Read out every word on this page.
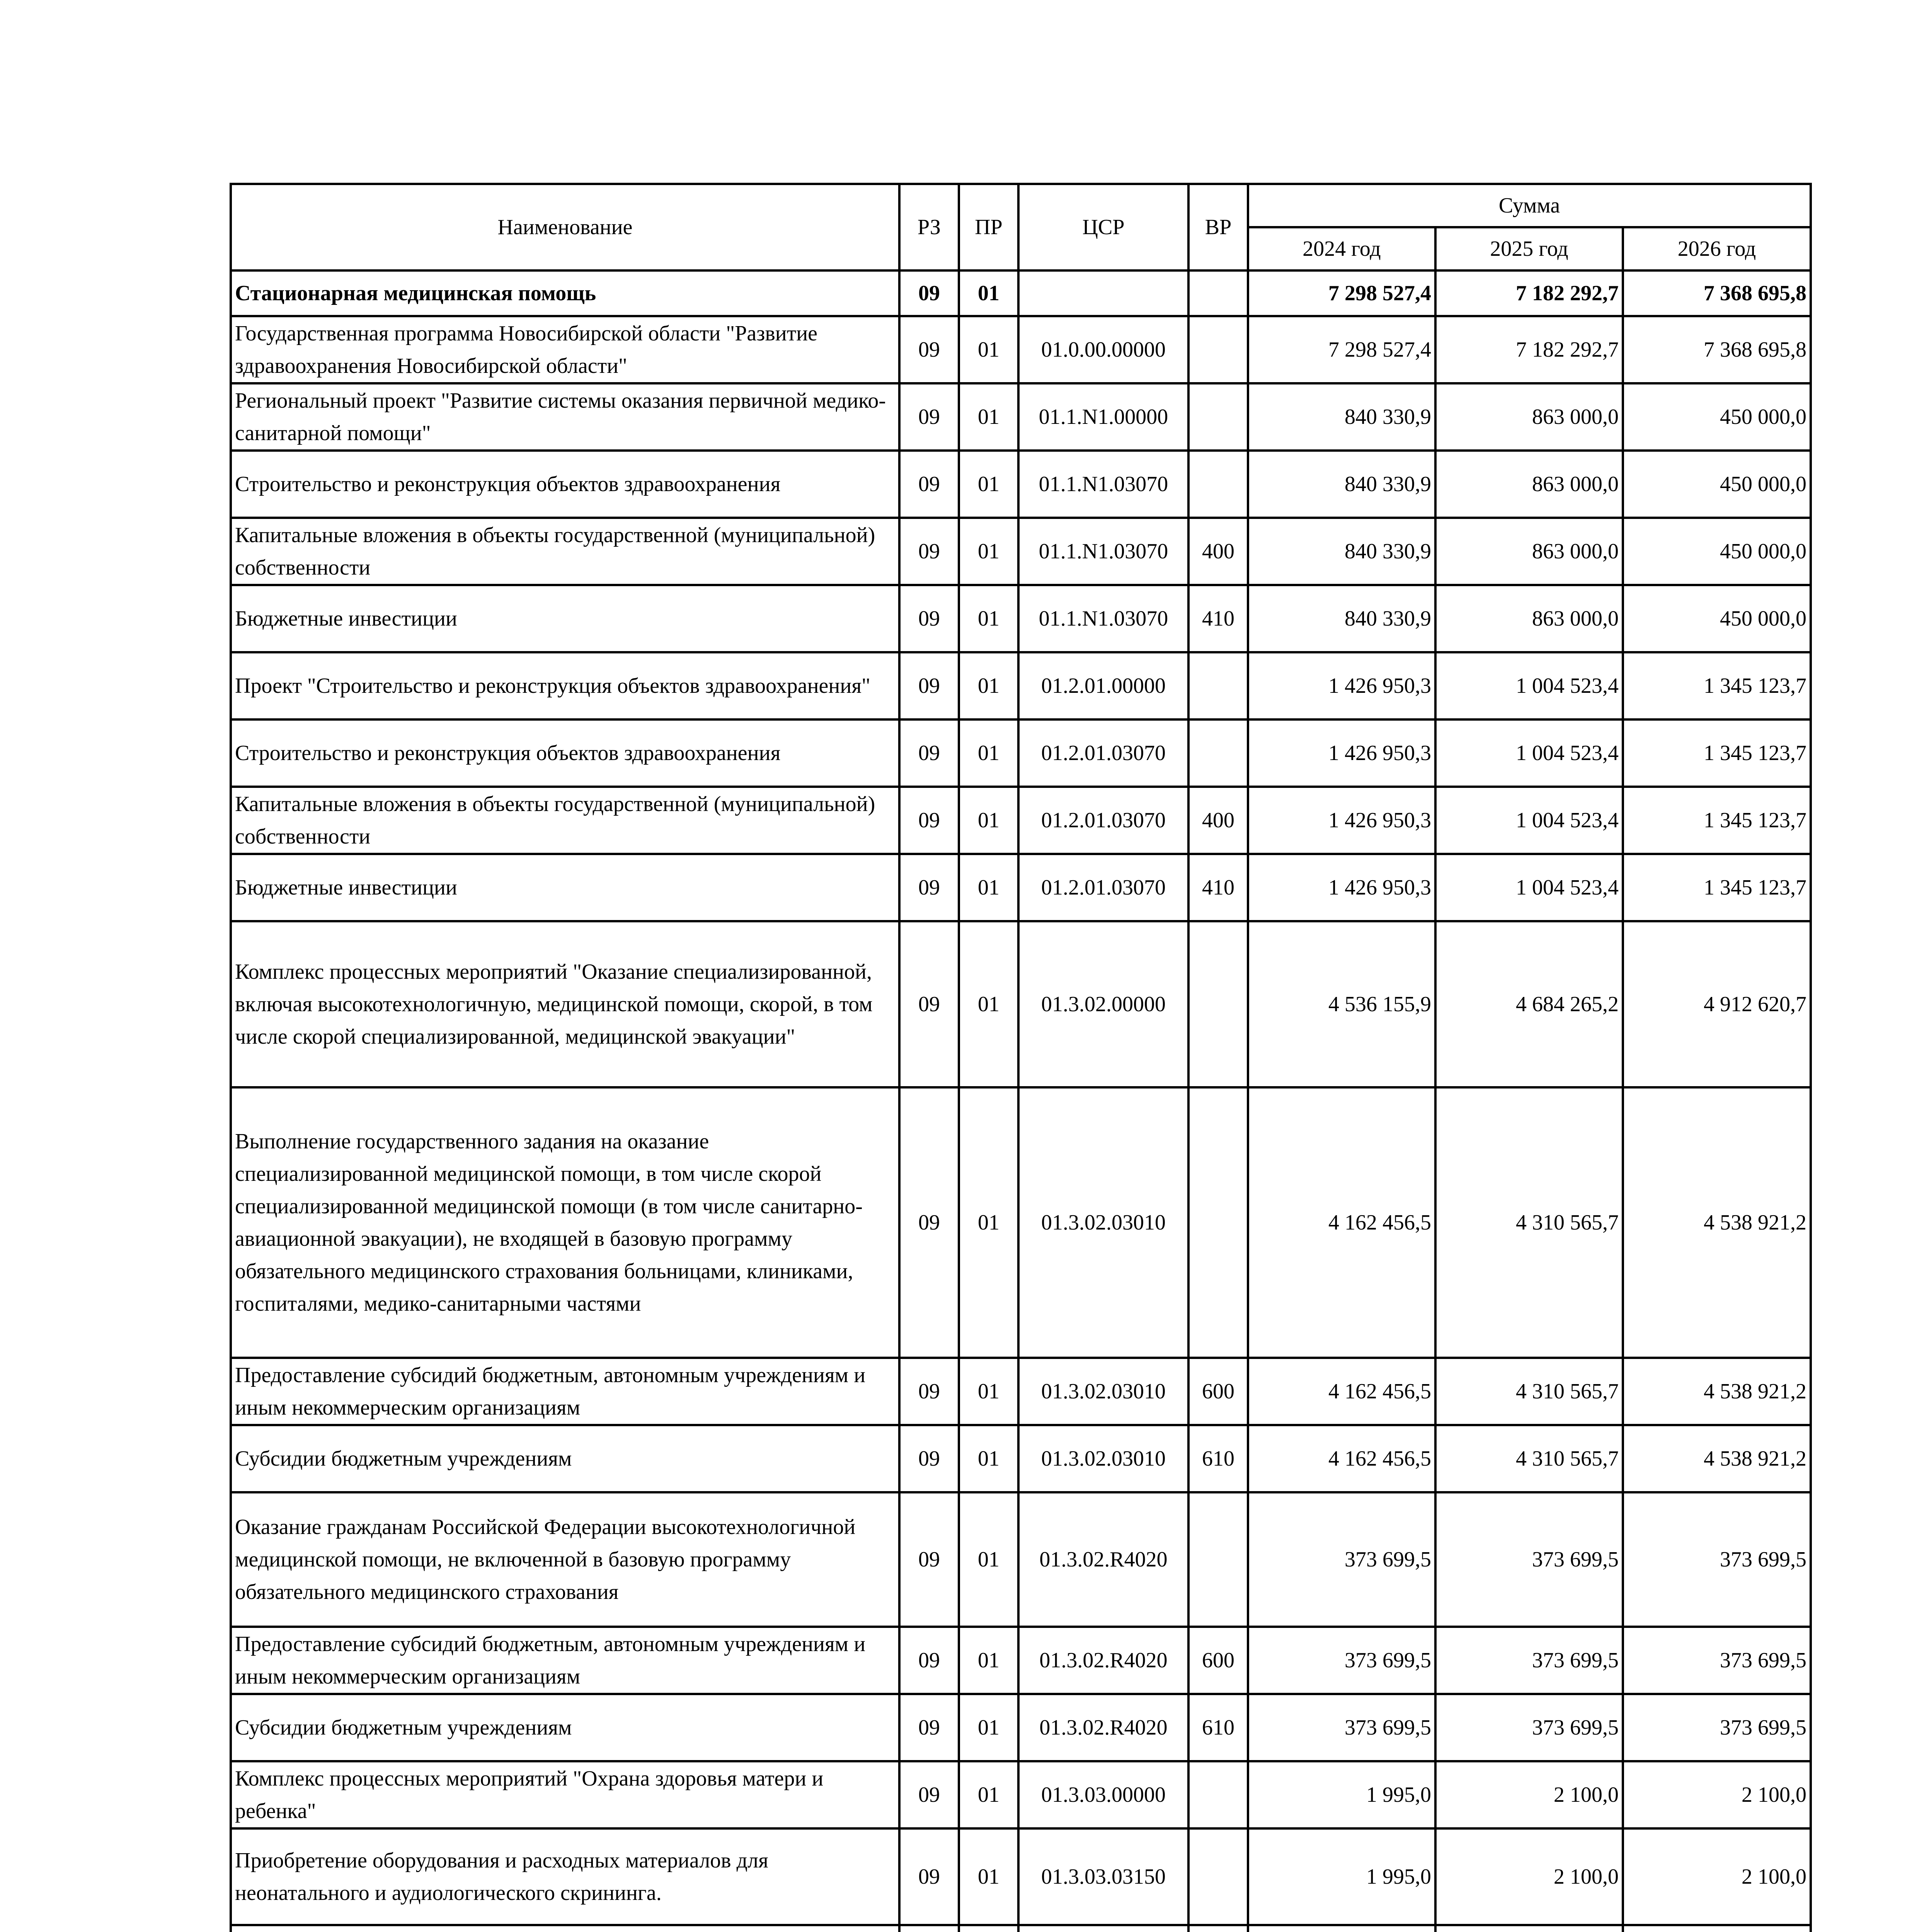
Наименование	РЗ	ПР	ЦСР	ВР	Сумма		
					2024 год	2025 год	2026 год
Стационарная медицинская помощь	09	01			7 298 527,4	7 182 292,7	7 368 695,8
Государственная программа Новосибирской области "Развитие здравоохранения Новосибирской области"	09	01	01.0.00.00000		7 298 527,4	7 182 292,7	7 368 695,8
Региональный проект "Развитие системы оказания первичной медико-санитарной помощи"	09	01	01.1.N1.00000		840 330,9	863 000,0	450 000,0
Строительство и реконструкция объектов здравоохранения	09	01	01.1.N1.03070		840 330,9	863 000,0	450 000,0
Капитальные вложения в объекты государственной (муниципальной) собственности	09	01	01.1.N1.03070	400	840 330,9	863 000,0	450 000,0
Бюджетные инвестиции	09	01	01.1.N1.03070	410	840 330,9	863 000,0	450 000,0
Проект "Строительство и реконструкция объектов здравоохранения"	09	01	01.2.01.00000		1 426 950,3	1 004 523,4	1 345 123,7
Строительство и реконструкция объектов здравоохранения	09	01	01.2.01.03070		1 426 950,3	1 004 523,4	1 345 123,7
Капитальные вложения в объекты государственной (муниципальной) собственности	09	01	01.2.01.03070	400	1 426 950,3	1 004 523,4	1 345 123,7
Бюджетные инвестиции	09	01	01.2.01.03070	410	1 426 950,3	1 004 523,4	1 345 123,7
Комплекс процессных мероприятий "Оказание специализированной, включая высокотехнологичную, медицинской помощи, скорой, в том числе скорой специализированной, медицинской эвакуации"	09	01	01.3.02.00000		4 536 155,9	4 684 265,2	4 912 620,7
Выполнение государственного задания на оказание специализированной медицинской помощи, в том числе скорой специализированной медицинской помощи (в том числе санитарно-авиационной эвакуации), не входящей в базовую программу обязательного медицинского страхования больницами, клиниками, госпиталями, медико-санитарными частями	09	01	01.3.02.03010		4 162 456,5	4 310 565,7	4 538 921,2
Предоставление субсидий бюджетным, автономным учреждениям и иным некоммерческим организациям	09	01	01.3.02.03010	600	4 162 456,5	4 310 565,7	4 538 921,2
Субсидии бюджетным учреждениям	09	01	01.3.02.03010	610	4 162 456,5	4 310 565,7	4 538 921,2
Оказание гражданам Российской Федерации высокотехнологичной медицинской помощи, не включенной в базовую программу обязательного медицинского страхования	09	01	01.3.02.R4020		373 699,5	373 699,5	373 699,5
Предоставление субсидий бюджетным, автономным учреждениям и иным некоммерческим организациям	09	01	01.3.02.R4020	600	373 699,5	373 699,5	373 699,5
Субсидии бюджетным учреждениям	09	01	01.3.02.R4020	610	373 699,5	373 699,5	373 699,5
Комплекс процессных мероприятий "Охрана здоровья матери и ребенка"	09	01	01.3.03.00000		1 995,0	2 100,0	2 100,0
Приобретение оборудования и расходных материалов для неонатального и аудиологического скрининга.	09	01	01.3.03.03150		1 995,0	2 100,0	2 100,0
